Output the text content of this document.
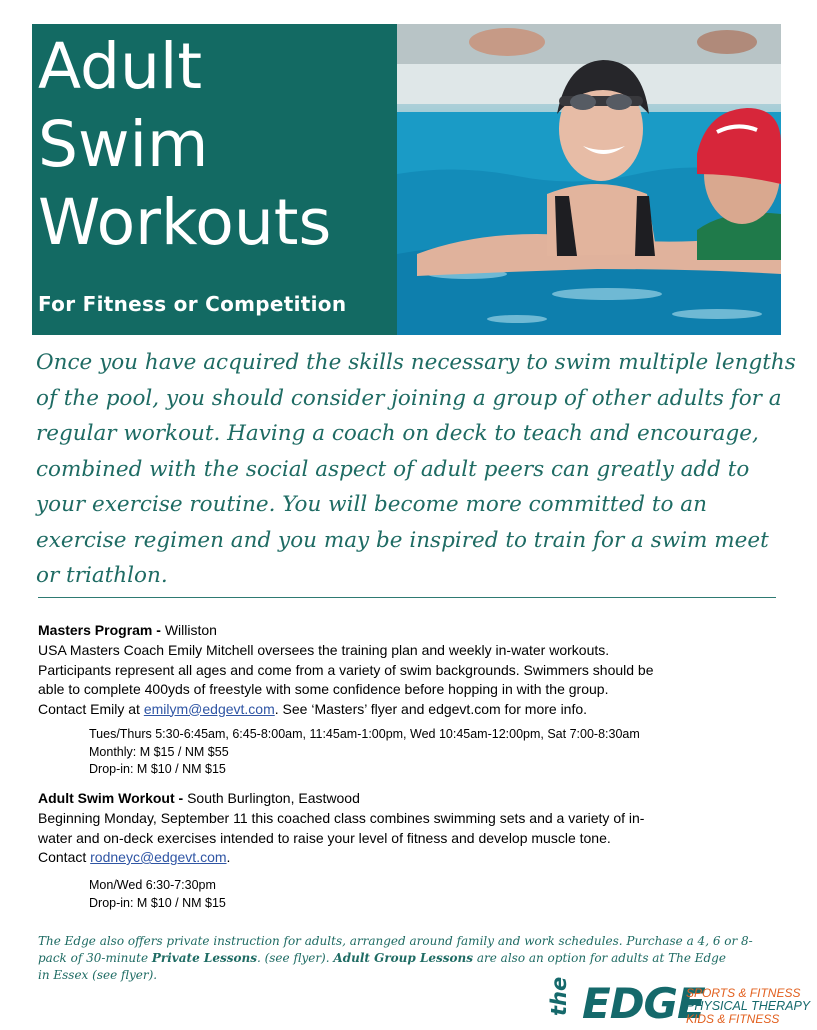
Adult
Swim
Workouts
For Fitness or Competition

Once you have acquired the skills necessary to swim multiple lengths
of the pool, you should consider joining a group of other adults for a
regular workout. Having a coach on deck to teach and encourage,
combined with the social aspect of adult peers can greatly add to
your exercise routine. You will become more committed to an
exercise regimen and you may be inspired to train for a swim meet
or triathlon.

Masters Program - Williston

USA Masters Coach Emily Mitchell oversees the training plan and weekly in-water workouts.
Participants represent all ages and come from a variety of swim backgrounds. Swimmers should be
able to complete 400yds of freestyle with some confidence before hopping in with the group.
Contact Emily at emilym@edgevt.com. See ‘Masters’ flyer and edgevt.com for more info.

Tues/Thurs 5:30-6:45am, 6:45-8:00am, 11:45am-1:00pm, Wed 10:45am-12:00pm, Sat 7:00-8:30am
Monthly: M $15 / NM $55
Drop-in: M $10 / NM $15
Adult Swim Workout - South Burlington, Eastwood

Beginning Monday, September 11 this coached class combines swimming sets and a variety of in-
water and on-deck exercises intended to raise your level of fitness and develop muscle tone.
Contact rodneyc@edgevt.com.

Mon/Wed 6:30-7:30pm
Drop-in: M $10 / NM $15

The Edge also offers private instruction for adults, arranged around family and work schedules. Purchase a 4, 6 or 8-
pack of 30-minute Private Lessons. (see flyer). Adult Group Lessons are also an option for adults at The Edge
in Essex (see flyer).

the EDGE
SPORTS & FITNESS
PHYSICAL THERAPY
KIDS & FITNESS
